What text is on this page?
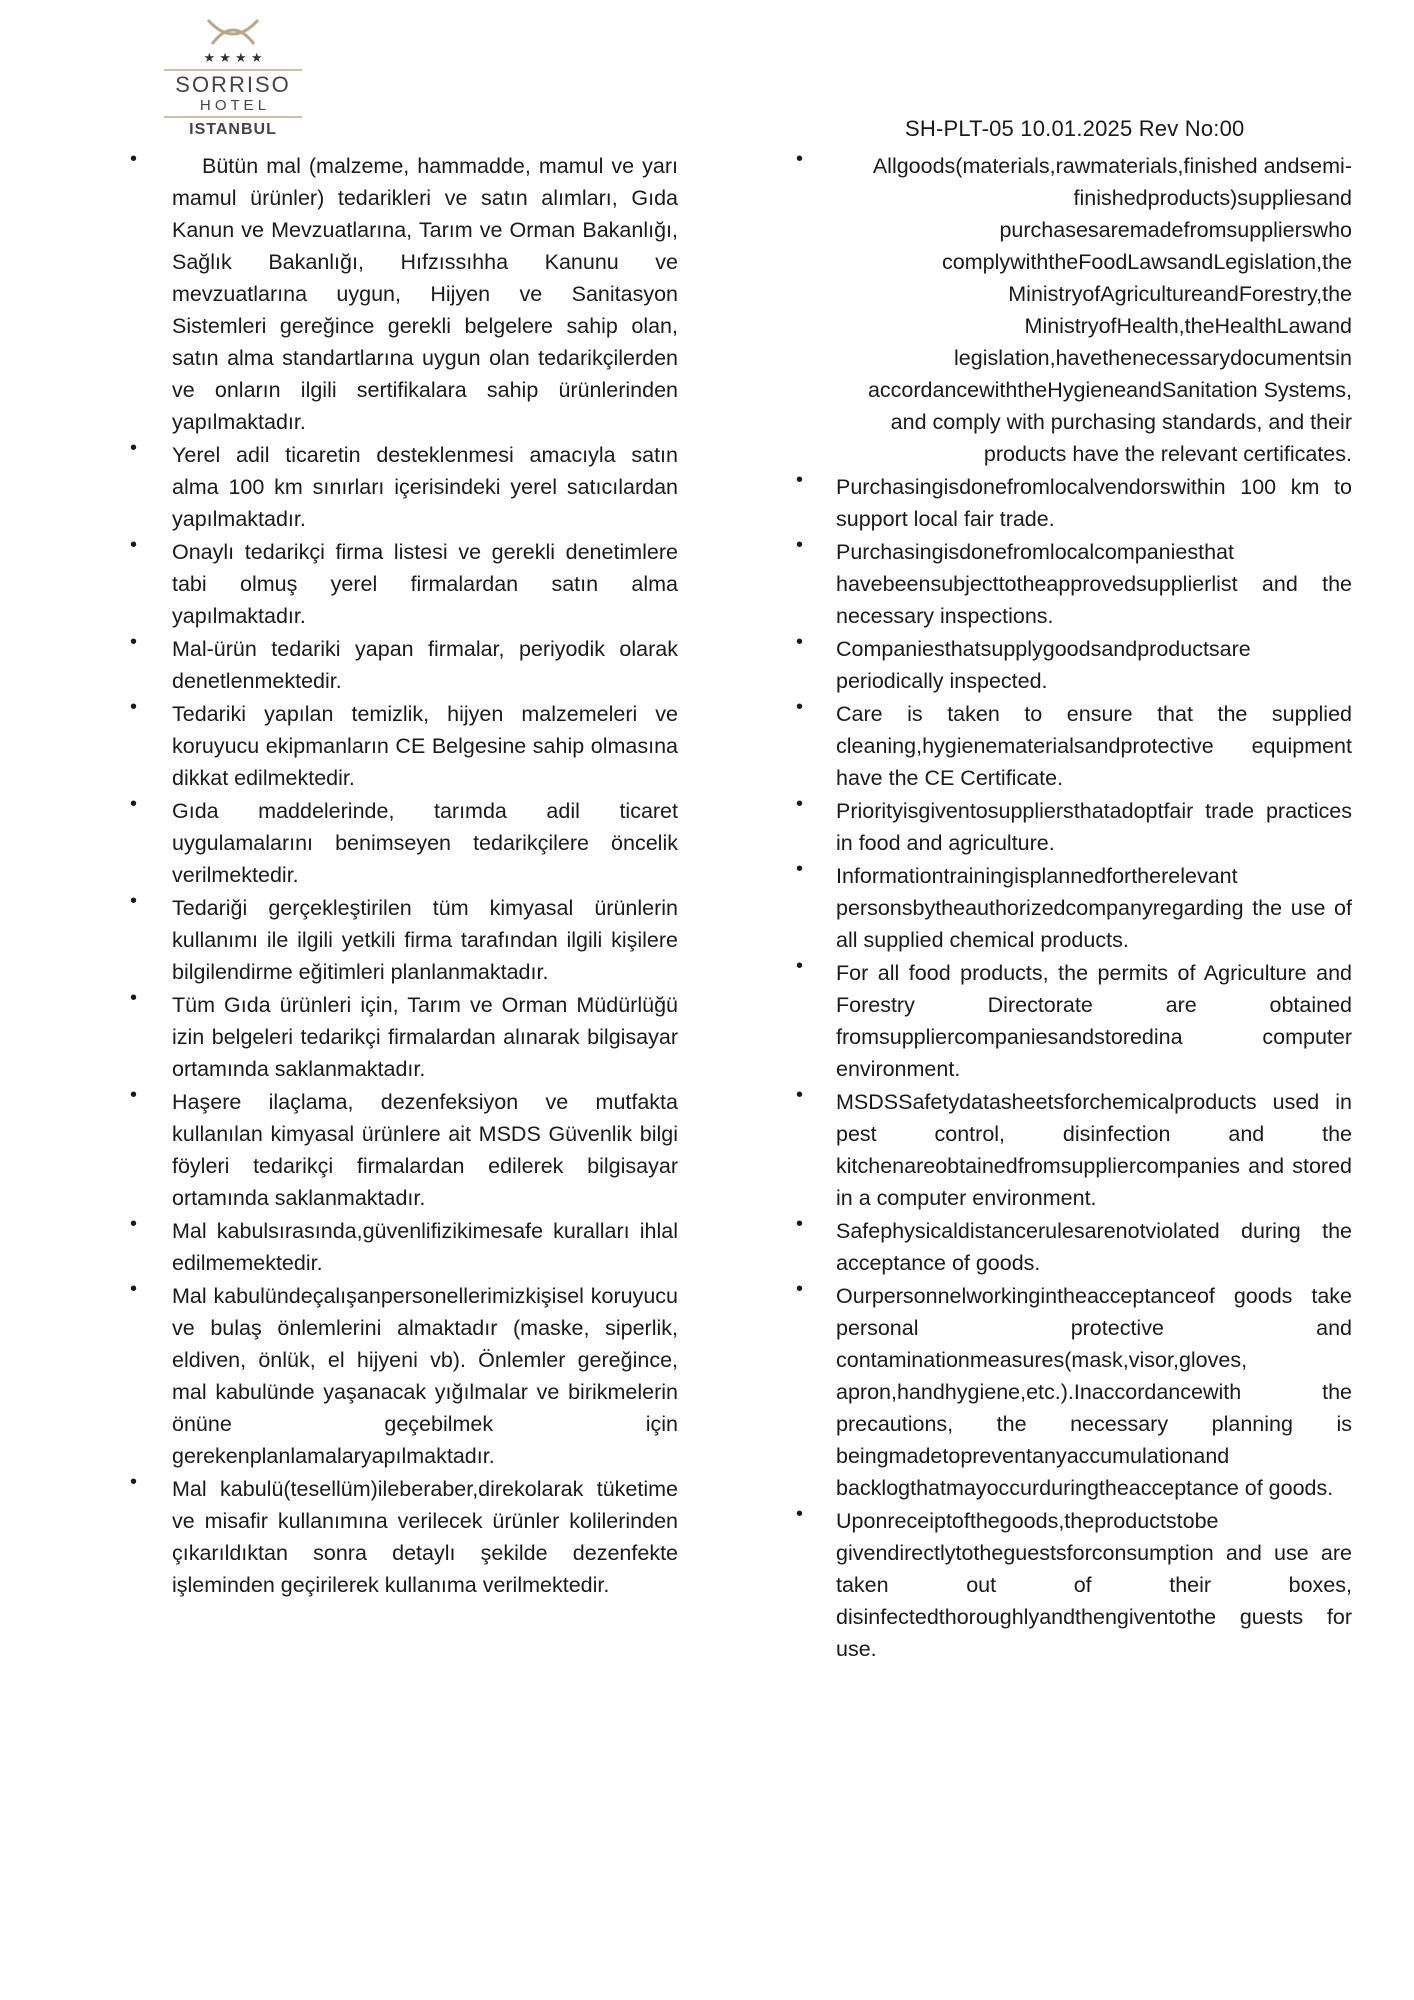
★ ★ ★ ★
SORRISO
H O T E L
ISTANBUL	SH-PLT-05 10.01.2025 Rev No:00
•	Bütün mal (malzeme, hammadde, mamul ve yarı mamul ürünler) tedarikleri ve satın alımları, Gıda Kanun ve Mevzuatlarına, Tarım ve Orman Bakanlığı, Sağlık Bakanlığı, Hıfzıssıhha Kanunu ve mevzuatlarına uygun, Hijyen ve Sanitasyon Sistemleri gereğince gerekli belgelere sahip olan, satın alma standartlarına uygun olan tedarikçilerden ve onların ilgili sertifikalara sahip ürünlerinden yapılmaktadır.
• Yerel adil ticaretin desteklenmesi amacıyla satın alma 100 km sınırları içerisindeki yerel satıcılardan yapılmaktadır.
• Onaylı tedarikçi firma listesi ve gerekli denetimlere tabi olmuş yerel firmalardan satın alma yapılmaktadır.
• Mal-ürün tedariki yapan firmalar, periyodik olarak denetlenmektedir.
• Tedariki yapılan temizlik, hijyen malzemeleri ve koruyucu ekipmanların CE Belgesine sahip olmasına dikkat edilmektedir.
• Gıda maddelerinde, tarımda adil ticaret uygulamalarını benimseyen tedarikçilere öncelik verilmektedir.
• Tedariği gerçekleştirilen tüm kimyasal ürünlerin kullanımı ile ilgili yetkili firma tarafından ilgili kişilere bilgilendirme eğitimleri planlanmaktadır.
• Tüm Gıda ürünleri için, Tarım ve Orman Müdürlüğü izin belgeleri tedarikçi firmalardan alınarak bilgisayar ortamında saklanmaktadır.
• Haşere ilaçlama, dezenfeksiyon ve mutfakta kullanılan kimyasal ürünlere ait MSDS Güvenlik bilgi föyleri tedarikçi firmalardan edilerek bilgisayar ortamında saklanmaktadır.
• Mal kabulsırasında,güvenlifizikimesafe kuralları ihlal edilmemektedir.
• Mal kabulündeçalışanpersonellerimizkişisel koruyucu ve bulaş önlemlerini almaktadır (maske, siperlik, eldiven, önlük, el hijyeni vb). Önlemler gereğince, mal kabulünde yaşanacak yığılmalar ve birikmelerin önüne geçebilmek için gerekenplanlamalaryapılmaktadır.
• Mal kabulü(tesellüm)ileberaber,direkolarak tüketime ve misafir kullanımına verilecek ürünler kolilerinden çıkarıldıktan sonra detaylı şekilde dezenfekte işleminden geçirilerek kullanıma verilmektedir.
•	Allgoods(materials,rawmaterials,finished andsemi-finishedproducts)suppliesand purchasesaremadefromsupplierswho complywiththeFoodLawsandLegislation,the MinistryofAgricultureandForestry,the MinistryofHealth,theHealthLawand legislation,havethenecessarydocumentsin accordancewiththeHygieneandSanitation Systems, and comply with purchasing standards, and their products have the relevant certificates.
• Purchasingisdonefromlocalvendorswithin 100 km to support local fair trade.
• Purchasingisdonefromlocalcompaniesthat havebeensubjecttotheapprovedsupplierlist and the necessary inspections.
• Companiesthatsupplygoodsandproductsare periodically inspected.
• Care is taken to ensure that the supplied cleaning,hygienematerialsandprotective equipment have the CE Certificate.
• Priorityisgiventosuppliersthatadoptfair trade practices in food and agriculture.
• Informationtrainingisplannedfortherelevant personsbytheauthorizedcompanyregarding the use of all supplied chemical products.
• For all food products, the permits of Agriculture and Forestry Directorate are obtained fromsuppliercompaniesandstoredina computer environment.
• MSDSSafetydatasheetsforchemicalproducts used in pest control, disinfection and the kitchenareobtainedfromsuppliercompanies and stored in a computer environment.
• Safephysicaldistancerulesarenotviolated during the acceptance of goods.
• Ourpersonnelworkingintheacceptanceof goods take personal protective and contaminationmeasures(mask,visor,gloves, apron,handhygiene,etc.).Inaccordancewith the precautions, the necessary planning is beingmadetopreventanyaccumulationand backlogthatmayoccurduringtheacceptance of goods.
• Uponreceiptofthegoods,theproductstobe givendirectlytotheguestsforconsumption and use are taken out of their boxes, disinfectedthoroughlyandthengiventothe guests for use.
